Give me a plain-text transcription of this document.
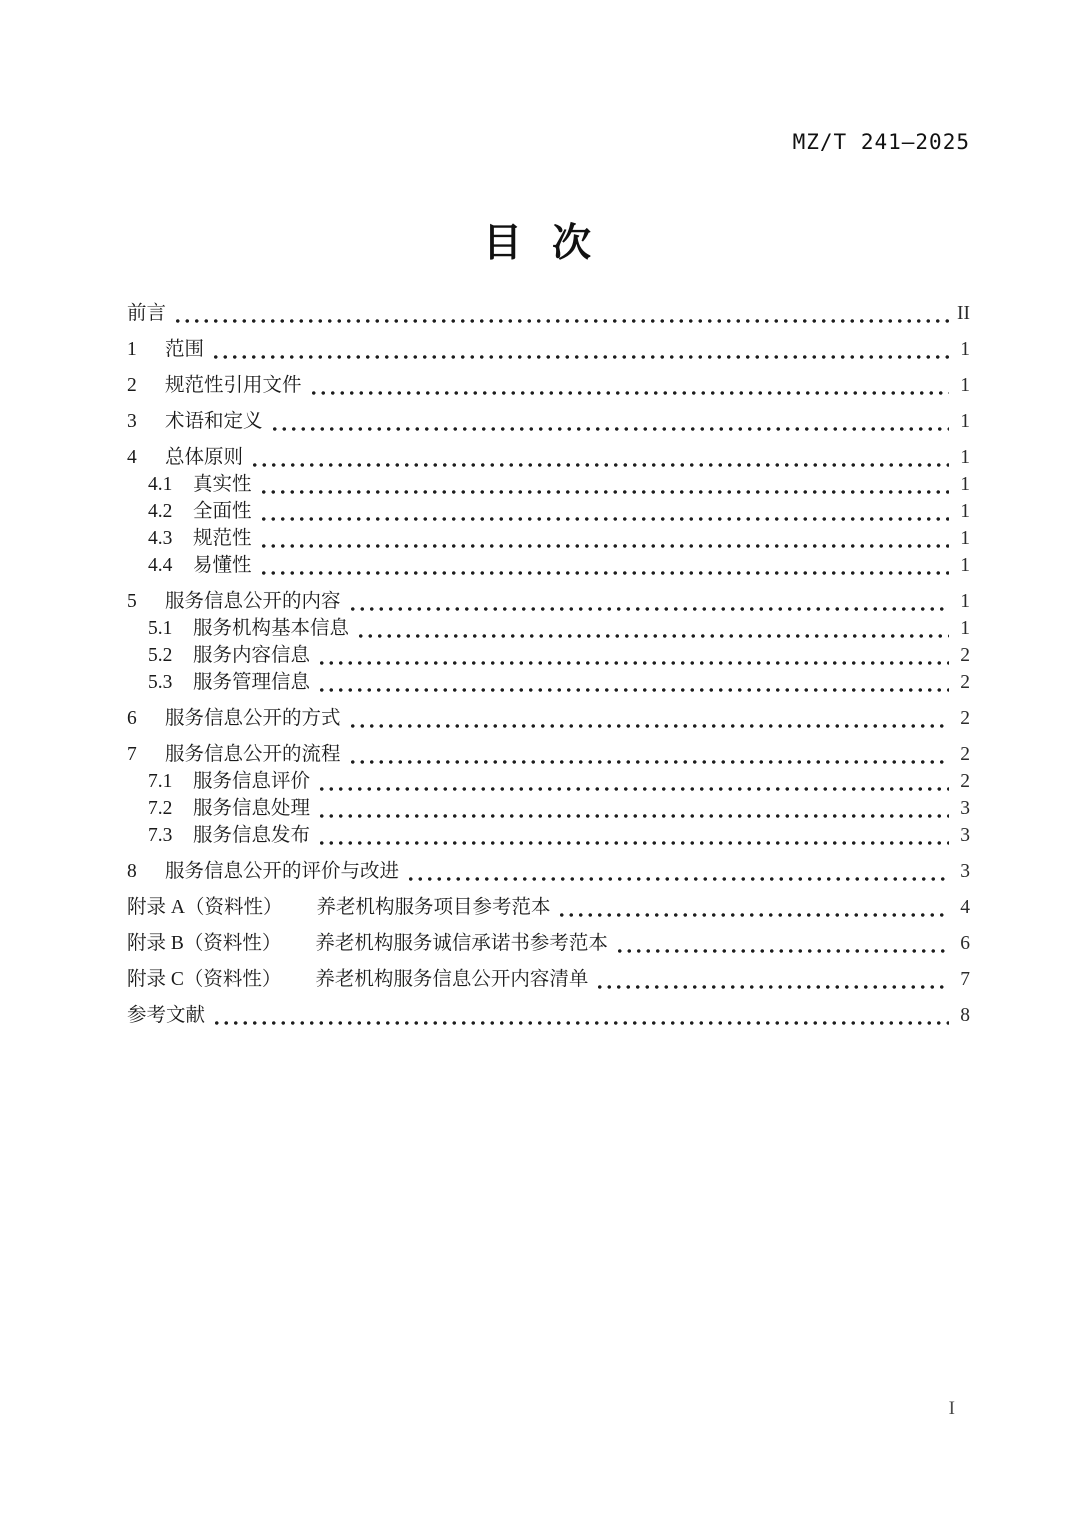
MZ/T 241—2025
目次
前言	II
1	范围	1
2	规范性引用文件	1
3	术语和定义	1
4	总体原则	1
4.1	真实性	1
4.2	全面性	1
4.3	规范性	1
4.4	易懂性	1
5	服务信息公开的内容	1
5.1	服务机构基本信息	1
5.2	服务内容信息	2
5.3	服务管理信息	2
6	服务信息公开的方式	2
7	服务信息公开的流程	2
7.1	服务信息评价	2
7.2	服务信息处理	3
7.3	服务信息发布	3
8	服务信息公开的评价与改进	3
附录 A（资料性） 养老机构服务项目参考范本	4
附录 B（资料性） 养老机构服务诚信承诺书参考范本	6
附录 C（资料性） 养老机构服务信息公开内容清单	7
参考文献	8
I
